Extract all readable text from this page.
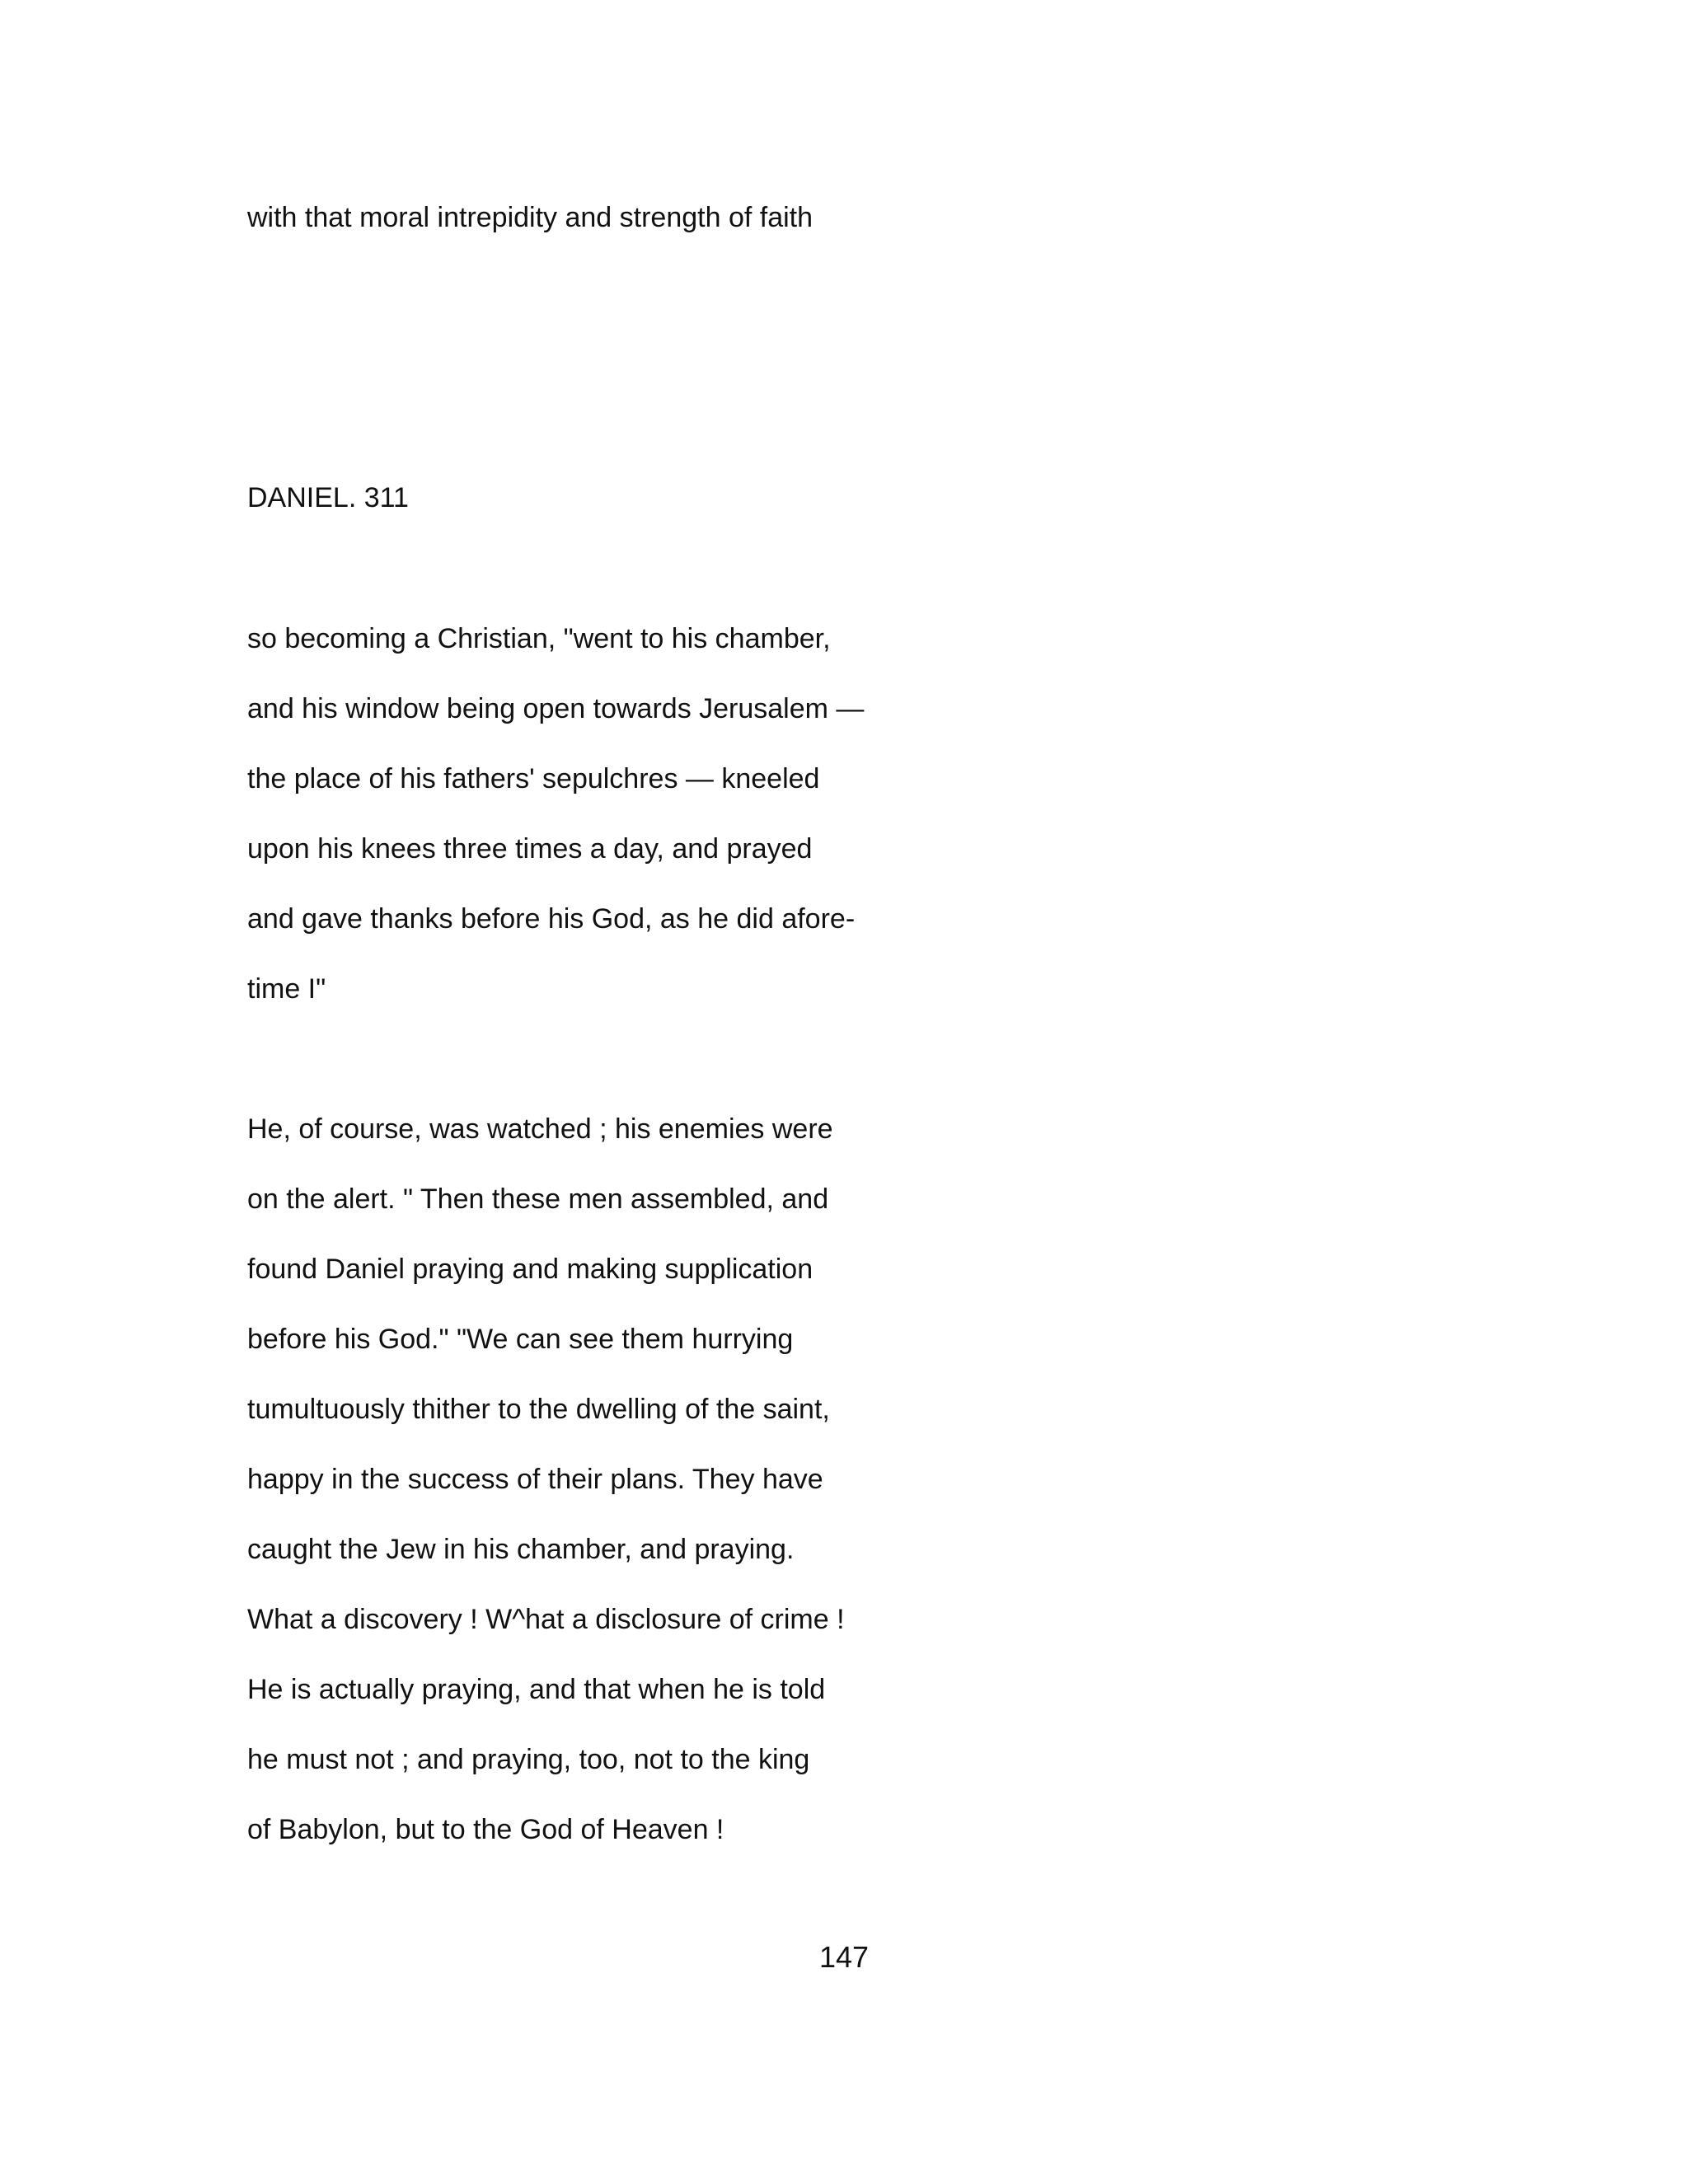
with that moral intrepidity and strength of faith

DANIEL. 311

so becoming a Christian, "went to his chamber,

and his window being open towards Jerusalem —

the place of his fathers' sepulchres — kneeled

upon his knees three times a day, and prayed

and gave thanks before his God, as he did afore-

time I"

He, of course, was watched ; his enemies were

on the alert. " Then these men assembled, and

found Daniel praying and making supplication

before his God." "We can see them hurrying

tumultuously thither to the dwelling of the saint,

happy in the success of their plans. They have

caught the Jew in his chamber, and praying.

What a discovery ! W^hat a disclosure of crime !

He is actually praying, and that when he is told

he must not ; and praying, too, not to the king

of Babylon, but to the God of Heaven !

147
